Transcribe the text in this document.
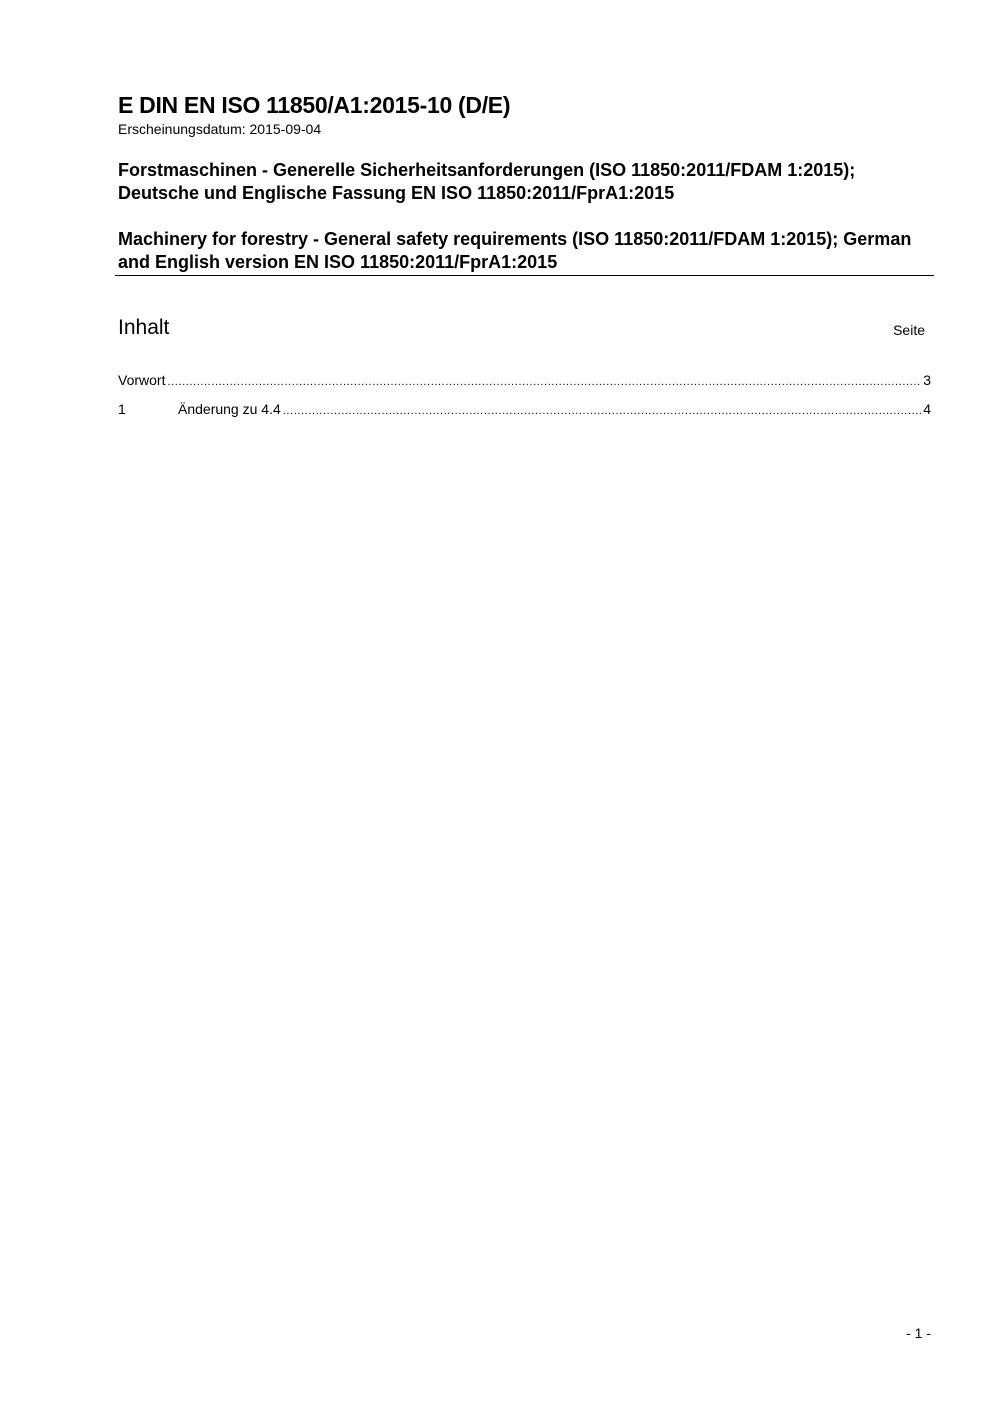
E DIN EN ISO 11850/A1:2015-10 (D/E)

Erscheinungsdatum: 2015-09-04

Forstmaschinen - Generelle Sicherheitsanforderungen (ISO 11850:2011/FDAM 1:2015); Deutsche und Englische Fassung EN ISO 11850:2011/FprA1:2015

Machinery for forestry - General safety requirements (ISO 11850:2011/FDAM 1:2015); German and English version EN ISO 11850:2011/FprA1:2015

Inhalt	Seite
Vorwort .....	3
1	Änderung zu 4.4 .....	4
- 1 -
